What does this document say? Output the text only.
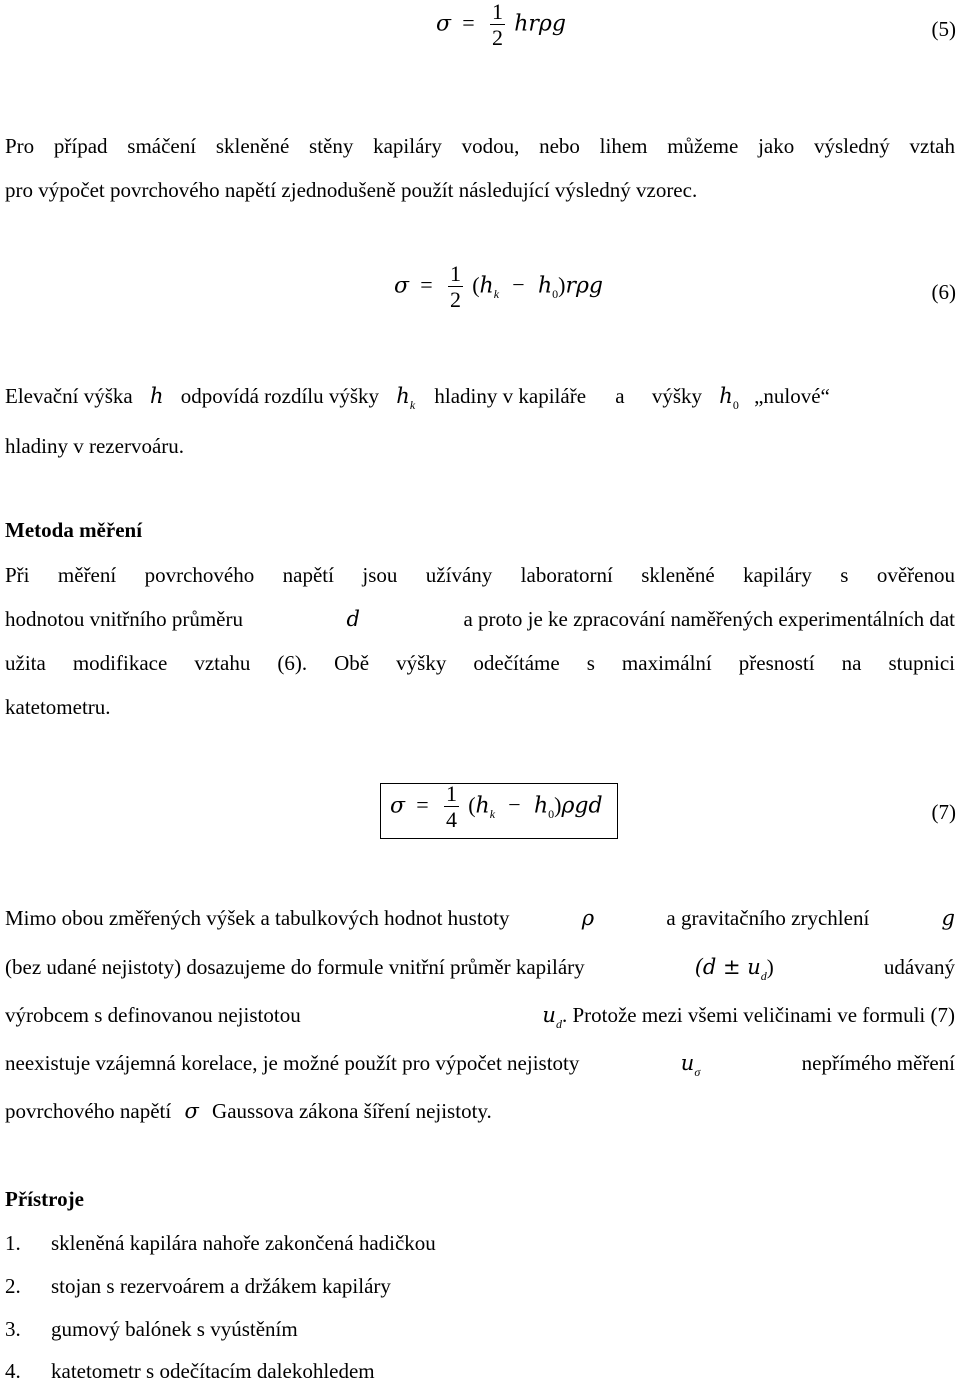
$\sigma = \frac{1}{2}$ hrρg	(5)
Pro případ smáčení skleněné stěny kapiláry vodou, nebo lihem můžeme jako výsledný vztah
pro výpočet povrchového napětí zjednodušeně použít následující výsledný vzorec.
$\sigma = \frac{1}{2} (h_k - h_0)r\rho g$	(6)
Elevační výška h odpovídá rozdílu výšky $h_k$ hladiny v kapiláře a výšky $h_0$ „nulové“
hladiny v rezervoáru.
Metoda měření
Při měření povrchového napětí jsou užívány laboratorní skleněné kapiláry s ověřenou
hodnotou vnitřního průměru	d	a proto je ke zpracování naměřených experimentálních dat
užita modifikace vztahu (6). Obě výšky odečítáme s maximální přesností na stupnici
katetometru.
$\sigma = \frac{1}{4} (h_k - h_0)\rho gd$	(7)
Mimo obou změřených výšek a tabulkových hodnot hustoty	ρ	a gravitačního zrychlení	g
(bez udané nejistoty) dosazujeme do formule vnitřní průměr kapiláry	$(d \pm u_d)$	udávaný
výrobcem s definovanou nejistotou	$u_d$. Protože mezi všemi veličinami ve formuli (7)
neexistuje vzájemná korelace, je možné použít pro výpočet nejistoty	$u_\sigma$	nepřímého měření
povrchového napětí σ Gaussova zákona šíření nejistoty.
Přístroje
1. skleněná kapilára nahoře zakončená hadičkou
2. stojan s rezervoárem a držákem kapiláry
3. gumový balónek s vyústěním
4. katetometr s odečítacím dalekohledem
